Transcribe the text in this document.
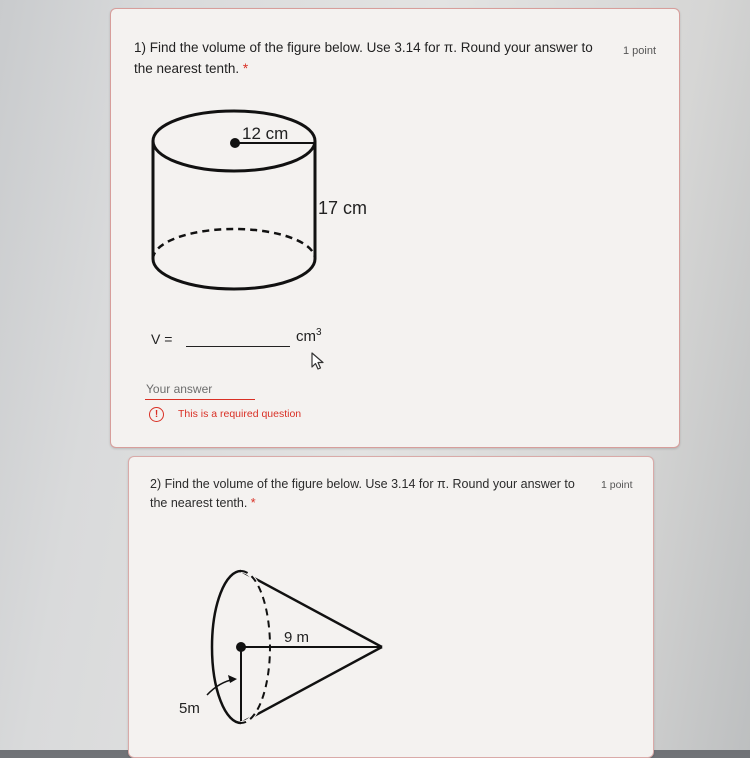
1) Find the volume of the figure below. Use 3.14 for π. Round your answer to the nearest tenth. *
1 point
12 cm
17 cm
V =	$cm^3$
Your answer
!	This is a required question
2) Find the volume of the figure below. Use 3.14 for π. Round your answer to the nearest tenth. *
1 point
9 m
5m
